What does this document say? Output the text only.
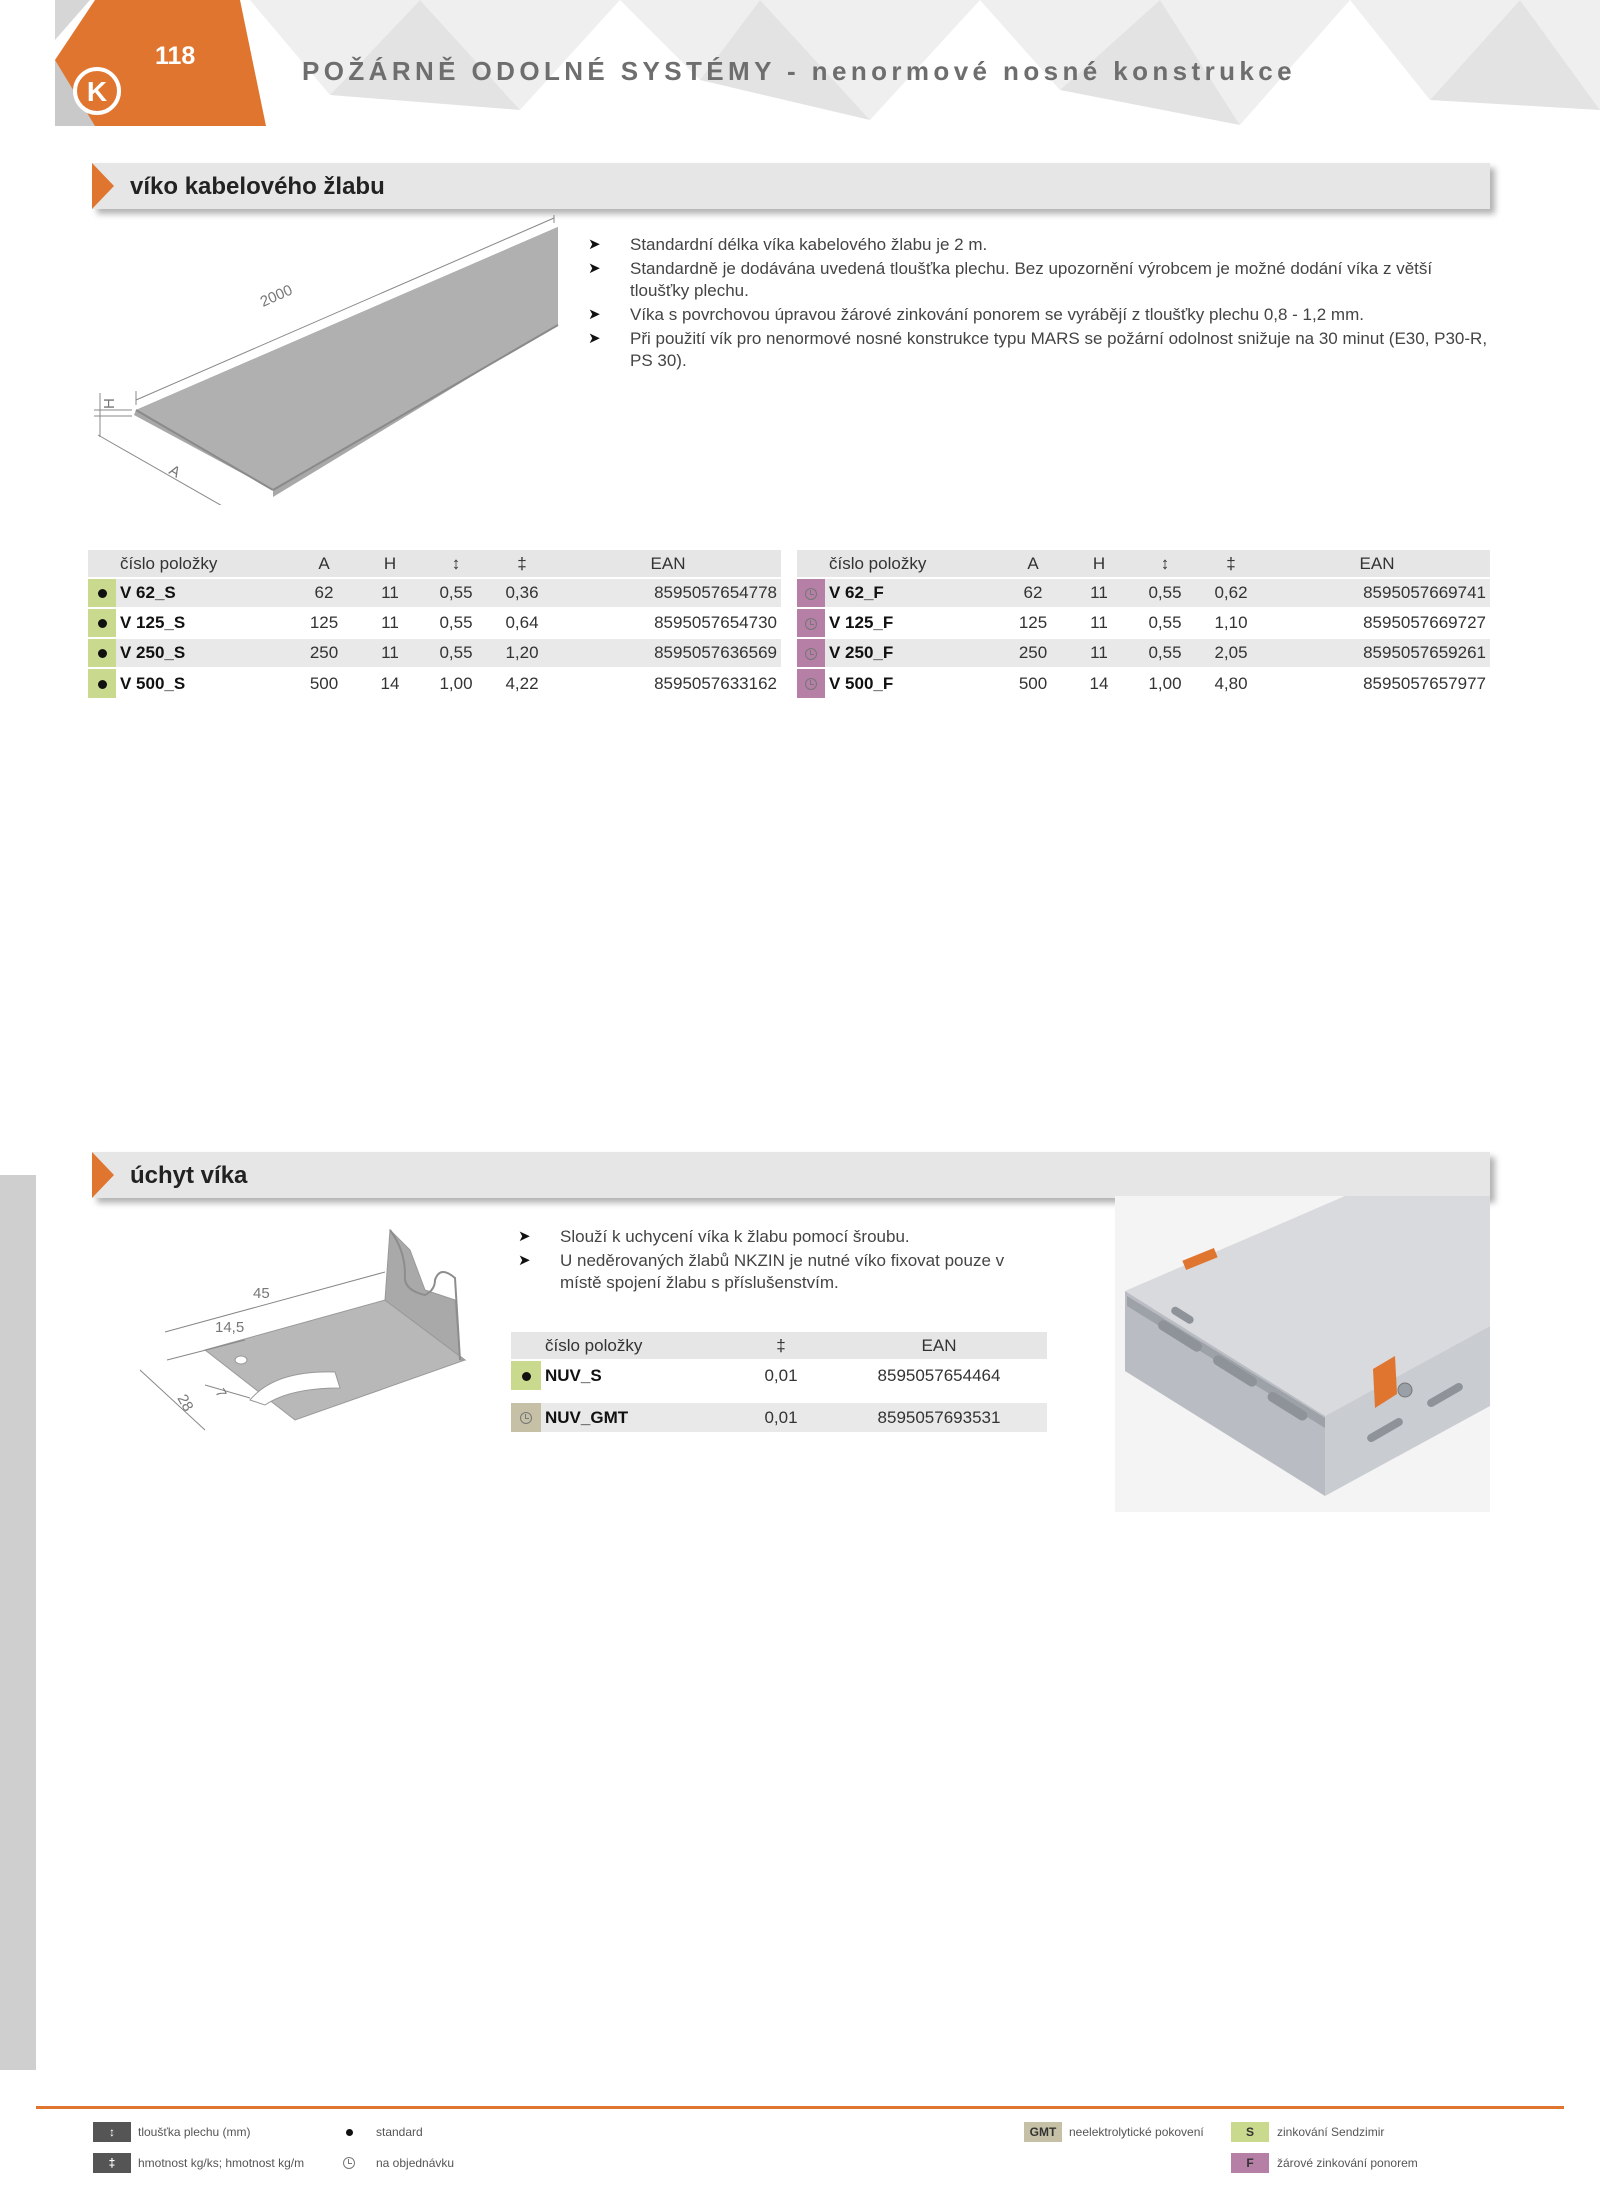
K
118	POŽÁRNĚ ODOLNÉ SYSTÉMY - nenormové nosné konstrukce
víko kabelového žlabu
2000
H
A
➤ Standardní délka víka kabelového žlabu je 2 m.
➤ Standardně je dodávána uvedená tloušťka plechu. Bez upozornění výrobcem je možné dodání víka z větší tloušťky plechu.
➤ Víka s povrchovou úpravou žárové zinkování ponorem se vyrábějí z tloušťky plechu 0,8 - 1,2 mm.
➤ Při použití vík pro nenormové nosné konstrukce typu MARS se požární odolnost snižuje na 30 minut (E30, P30-R, PS 30).
	číslo položky	A	H	↕	‡	EAN
	V 62_S	62	11	0,55	0,36	8595057654778
	V 125_S	125	11	0,55	0,64	8595057654730
	V 250_S	250	11	0,55	1,20	8595057636569
	V 500_S	500	14	1,00	4,22	8595057633162
	číslo položky	A	H	↕	‡	EAN
	V 62_F	62	11	0,55	0,62	8595057669741
	V 125_F	125	11	0,55	1,10	8595057669727
	V 250_F	250	11	0,55	2,05	8595057659261
	V 500_F	500	14	1,00	4,80	8595057657977
úchyt víka
45
14,5
28 7
➤ Slouží k uchycení víka k žlabu pomocí šroubu.
➤ U neděrovaných žlabů NKZIN je nutné víko fixovat pouze v místě spojení žlabu s příslušenstvím.
	číslo položky	‡	EAN
	NUV_S	0,01	8595057654464

	NUV_GMT	0,01	8595057693531
↕	tloušťka plechu (mm)
‡	hmotnost kg/ks; hmotnost kg/m
standard
na objednávku
GMT	neelektrolytické pokovení	S	zinkování Sendzimir
F	žárové zinkování ponorem
